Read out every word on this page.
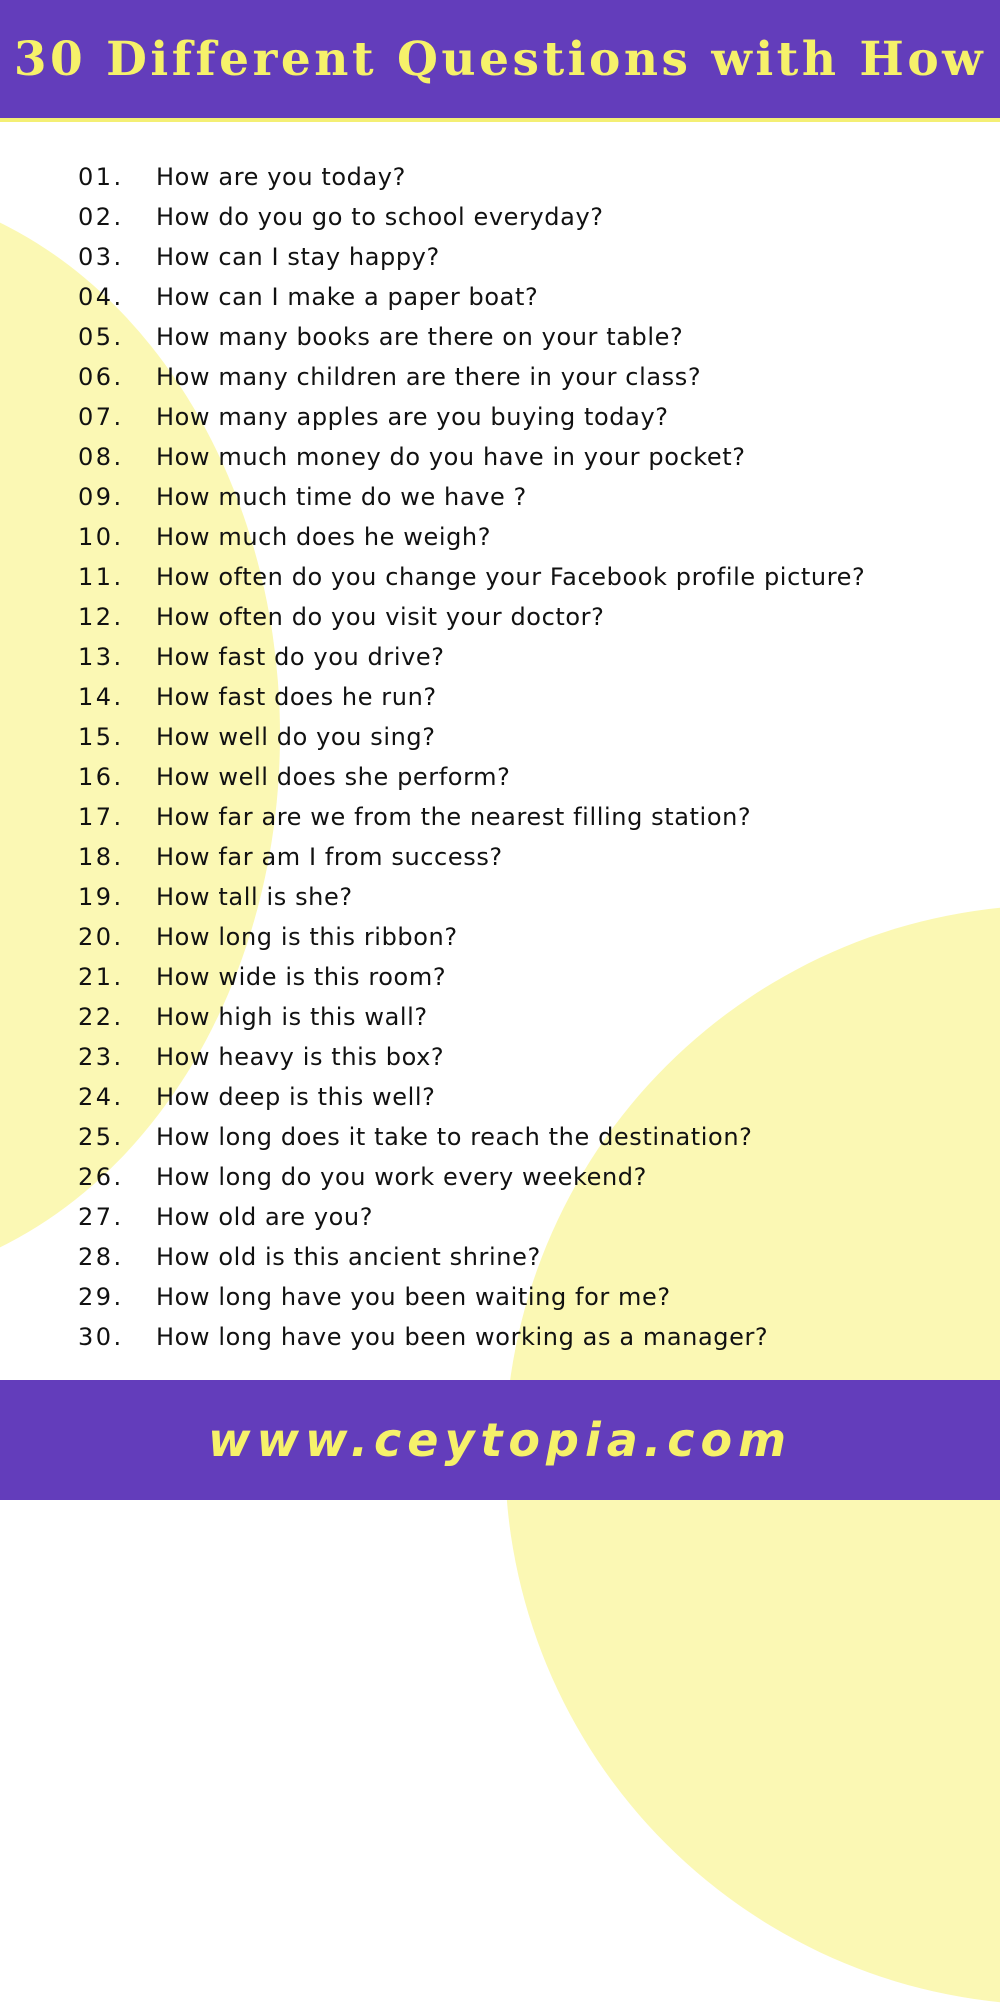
30 Different Questions with How
01.	How are you today?
02.	How do you go to school everyday?
03.	How can I stay happy?
04.	How can I make a paper boat?
05.	How many books are there on your table?
06.	How many children are there in your class?
07.	How many apples are you buying today?
08.	How much money do you have in your pocket?
09.	How much time do we have ?
10.	How much does he weigh?
11.	How often do you change your Facebook profile picture?
12.	How often do you visit your doctor?
13.	How fast do you drive?
14.	How fast does he run?
15.	How well do you sing?
16.	How well does she perform?
17.	How far are we from the nearest filling station?
18.	How far am I from success?
19.	How tall is she?
20.	How long is this ribbon?
21.	How wide is this room?
22.	How high is this wall?
23.	How heavy is this box?
24.	How deep is this well?
25.	How long does it take to reach the destination?
26.	How long do you work every weekend?
27.	How old are you?
28.	How old is this ancient shrine?
29.	How long have you been waiting for me?
30.	How long have you been working as a manager?
www.ceytopia.com
